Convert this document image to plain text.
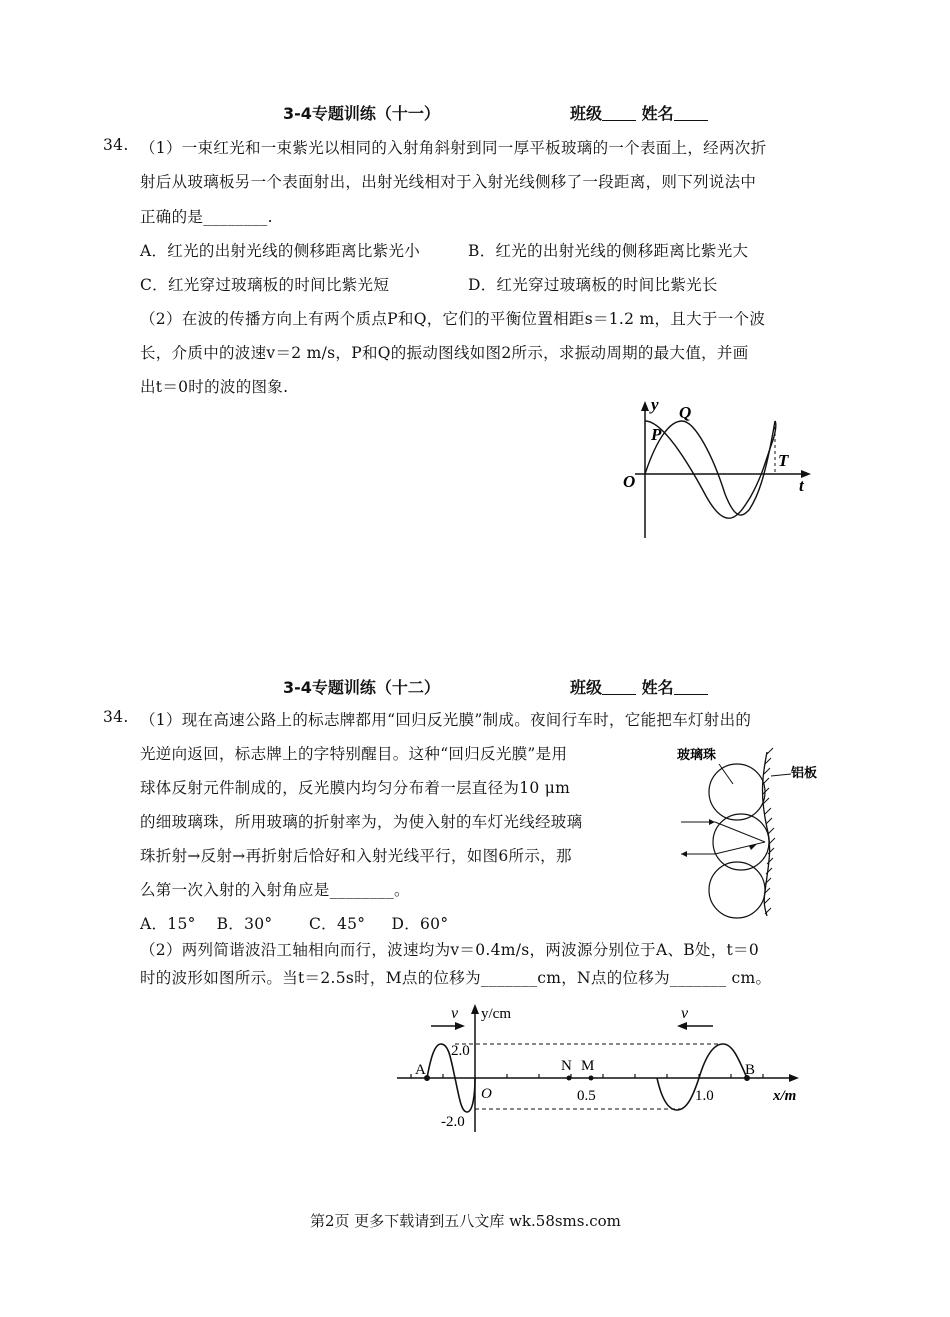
3-4专题训练（十一）	班级 姓名
34. （1）一束红光和一束紫光以相同的入射角斜射到同一厚平板玻璃的一个表面上，经两次折
射后从玻璃板另一个表面射出，出射光线相对于入射光线侧移了一段距离，则下列说法中
正确的是________.
A．红光的出射光线的侧移距离比紫光小	B．红光的出射光线的侧移距离比紫光大
C．红光穿过玻璃板的时间比紫光短	D．红光穿过玻璃板的时间比紫光长
（2）在波的传播方向上有两个质点P和Q，它们的平衡位置相距s＝1.2 m，且大于一个波
长，介质中的波速v＝2 m/s，P和Q的振动图线如图2所示，求振动周期的最大值，并画
出t＝0时的波的图象.
y
P
Q
T
O	t
3-4专题训练（十二）	班级 姓名
34. （1）现在高速公路上的标志牌都用“回归反光膜”制成。夜间行车时，它能把车灯射出的
光逆向返回，标志牌上的字特别醒目。这种“回归反光膜”是用
球体反射元件制成的，反光膜内均匀分布着一层直径为10 μm
的细玻璃珠，所用玻璃的折射率为，为使入射的车灯光线经玻璃
珠折射→反射→再折射后恰好和入射光线平行，如图6所示，那
么第一次入射的入射角应是________。
A．15°    B．30°       C．45°     D．60°
（2）两列简谐波沿工轴相向而行，波速均为v＝0.4m/s，两波源分别位于A、B处，t＝0
时的波形如图所示。当t＝2.5s时，M点的位移为_______cm，N点的位移为_______ cm。
玻璃珠
铝板
v	v
y/cm
2.0
-2.0
O
A	B
N M
0.5	1.0	x/m
第2页 更多下载请到五八文库 wk.58sms.com
